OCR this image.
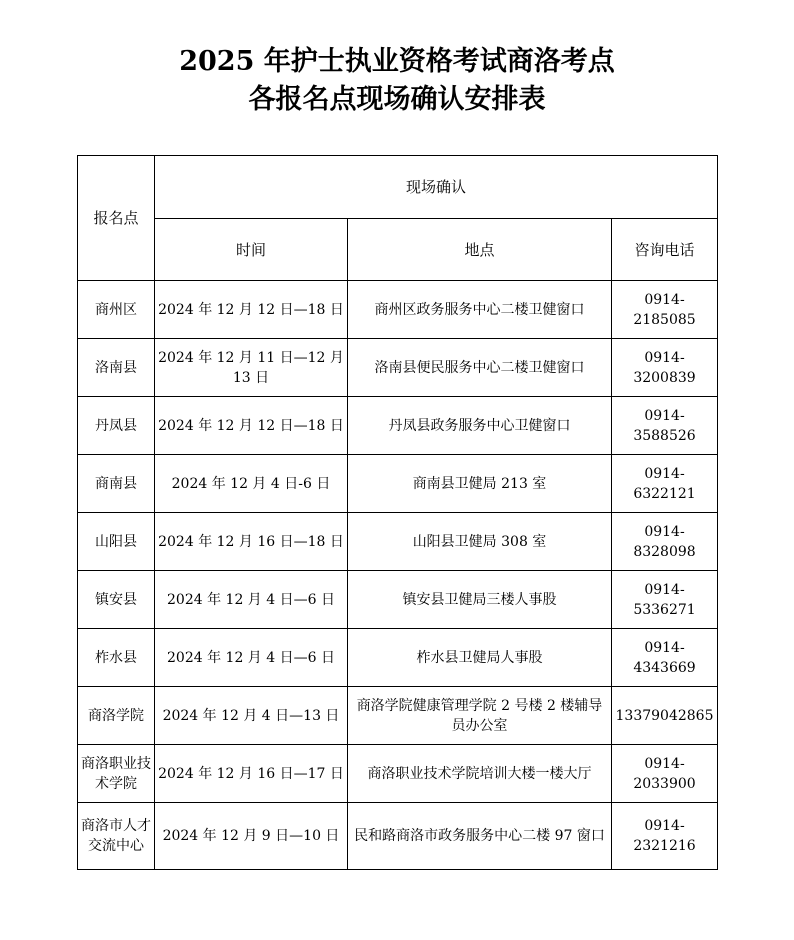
2025 年护士执业资格考试商洛考点
各报名点现场确认安排表
报名点	现场确认		
	时间	地点	咨询电话
商州区	2024 年 12 月 12 日—18 日	商州区政务服务中心二楼卫健窗口	0914-2185085
洛南县	2024 年 12 月 11 日—12 月 13 日	洛南县便民服务中心二楼卫健窗口	0914-3200839
丹凤县	2024 年 12 月 12 日—18 日	丹凤县政务服务中心卫健窗口	0914-3588526
商南县	2024 年 12 月 4 日-6 日	商南县卫健局 213 室	0914-6322121
山阳县	2024 年 12 月 16 日—18 日	山阳县卫健局 308 室	0914-8328098
镇安县	2024 年 12 月 4 日—6 日	镇安县卫健局三楼人事股	0914-5336271
柞水县	2024 年 12 月 4 日—6 日	柞水县卫健局人事股	0914-4343669
商洛学院	2024 年 12 月 4 日—13 日	商洛学院健康管理学院 2 号楼 2 楼辅导员办公室	13379042865
商洛职业技术学院	2024 年 12 月 16 日—17 日	商洛职业技术学院培训大楼一楼大厅	0914-2033900
商洛市人才交流中心	2024 年 12 月 9 日—10 日	民和路商洛市政务服务中心二楼 97 窗口	0914-2321216
